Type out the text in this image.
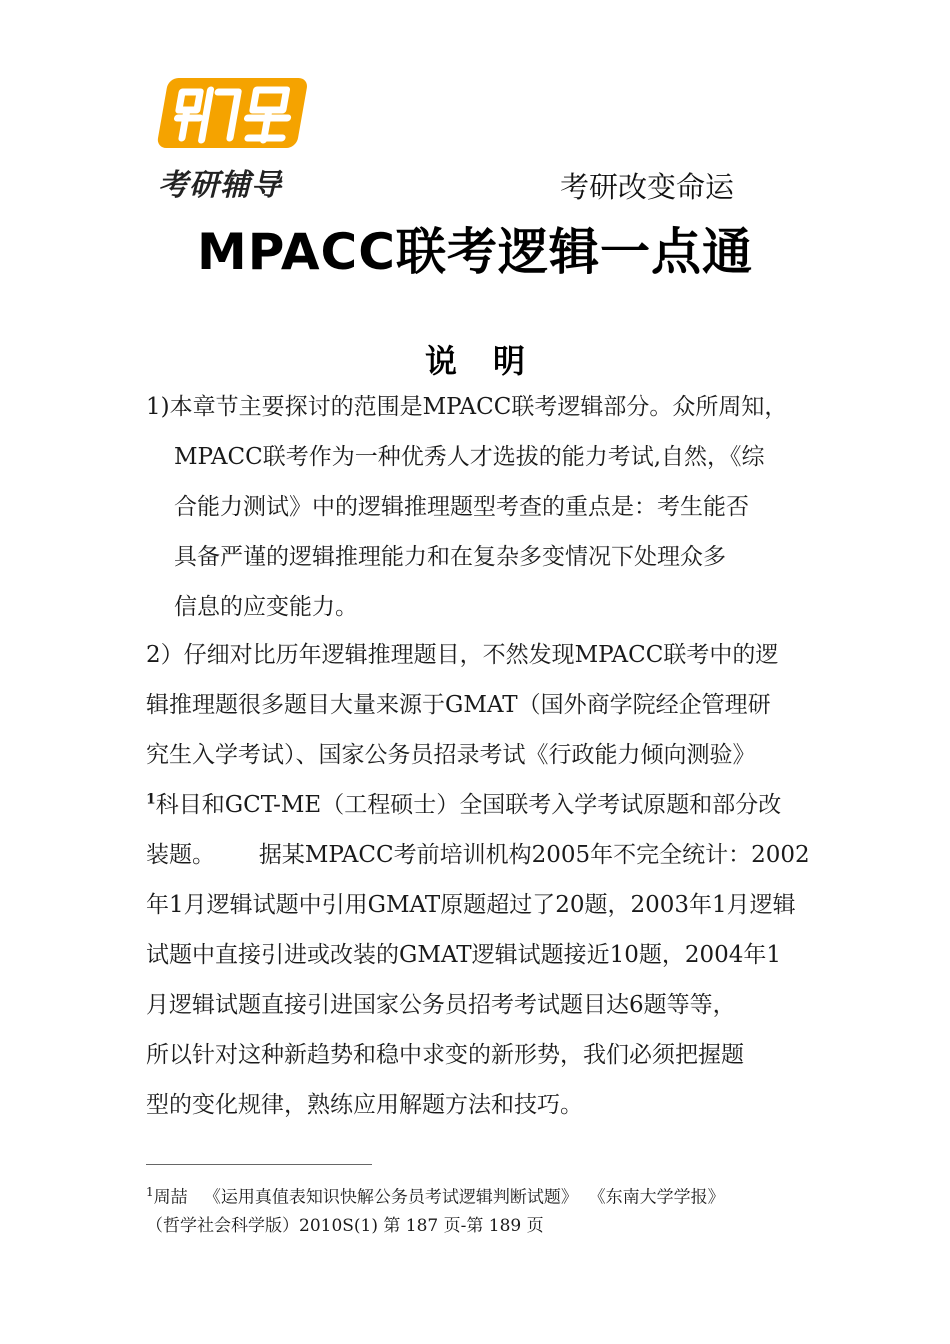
考研辅导	考研改变命运
MPACC联考逻辑一点通
说明
1)本章节主要探讨的范围是MPACC联考逻辑部分。众所周知，
MPACC联考作为一种优秀人才选拔的能力考试,自然，《综
合能力测试》中的逻辑推理题型考查的重点是：考生能否
具备严谨的逻辑推理能力和在复杂多变情况下处理众多
信息的应变能力。
2）仔细对比历年逻辑推理题目，不然发现MPACC联考中的逻
辑推理题很多题目大量来源于GMAT（国外商学院经企管理研
究生入学考试）、国家公务员招录考试《行政能力倾向测验》
$^1$科目和GCT-ME（工程硕士）全国联考入学考试原题和部分改
装题。      据某MPACC考前培训机构2005年不完全统计：2002
年1月逻辑试题中引用GMAT原题超过了20题，2003年1月逻辑
试题中直接引进或改装的GMAT逻辑试题接近10题，2004年1
月逻辑试题直接引进国家公务员招考考试题目达6题等等，
所以针对这种新趋势和稳中求变的新形势，我们必须把握题
型的变化规律，熟练应用解题方法和技巧。
$^1$周喆   《运用真值表知识快解公务员考试逻辑判断试题》  《东南大学学报》
（哲学社会科学版）2010S(1) 第 187 页-第 189 页
